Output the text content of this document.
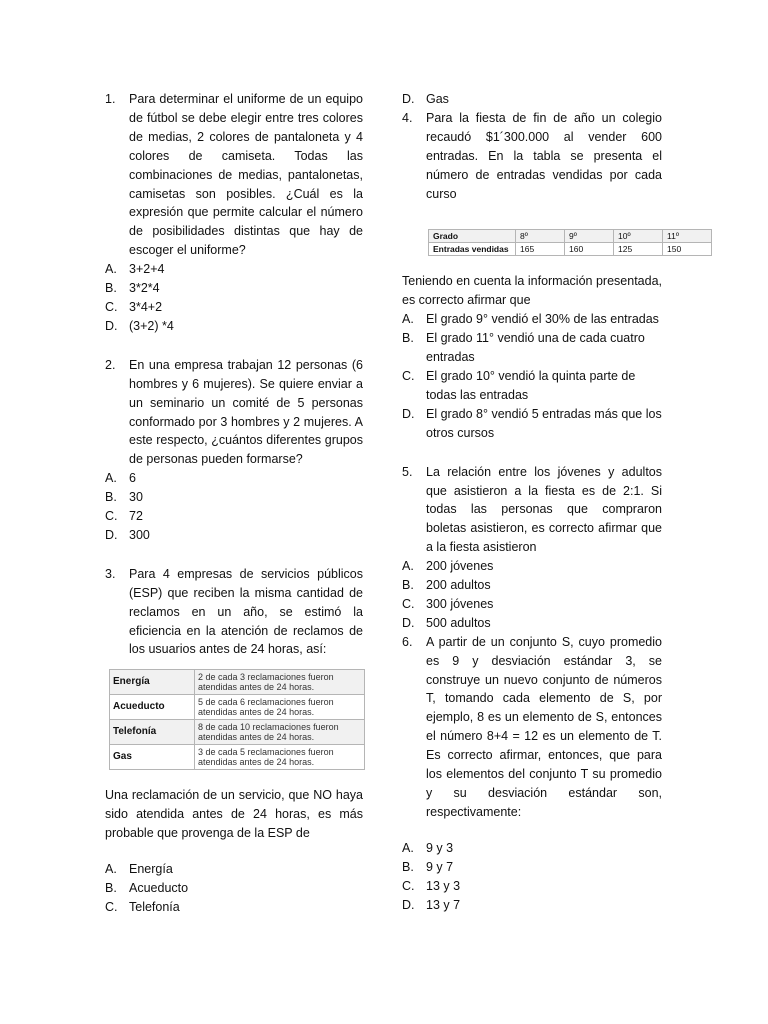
1. Para determinar el uniforme de un equipo de fútbol se debe elegir entre tres colores de medias, 2 colores de pantaloneta y 4 colores de camiseta. Todas las combinaciones de medias, pantalonetas, camisetas son posibles. ¿Cuál es la expresión que permite calcular el número de posibilidades distintas que hay de escoger el uniforme?
A. 3+2+4
B. 3*2*4
C. 3*4+2
D. (3+2) *4
2. En una empresa trabajan 12 personas (6 hombres y 6 mujeres). Se quiere enviar a un seminario un comité de 5 personas conformado por 3 hombres y 2 mujeres. A este respecto, ¿cuántos diferentes grupos de personas pueden formarse?
A. 6
B. 30
C. 72
D. 300
3. Para 4 empresas de servicios públicos (ESP) que reciben la misma cantidad de reclamos en un año, se estimó la eficiencia en la atención de reclamos de los usuarios antes de 24 horas, así:
Energía	2 de cada 3 reclamaciones fueron atendidas antes de 24 horas.
Acueducto	5 de cada 6 reclamaciones fueron atendidas antes de 24 horas.
Telefonía	8 de cada 10 reclamaciones fueron atendidas antes de 24 horas.
Gas	3 de cada 5 reclamaciones fueron atendidas antes de 24 horas.
Una reclamación de un servicio, que NO haya sido atendida antes de 24 horas, es más probable que provenga de la ESP de
A. Energía
B. Acueducto
C. Telefonía
D. Gas
4. Para la fiesta de fin de año un colegio recaudó $1´300.000 al vender 600 entradas. En la tabla se presenta el número de entradas vendidas por cada curso
Grado	8º	9º	10º	11º
Entradas vendidas	165	160	125	150
Teniendo en cuenta la información presentada, es correcto afirmar que
A. El grado 9° vendió el 30% de las entradas
B. El grado 11° vendió una de cada cuatro entradas
C. El grado 10° vendió la quinta parte de todas las entradas
D. El grado 8° vendió 5 entradas más que los otros cursos
5. La relación entre los jóvenes y adultos que asistieron a la fiesta es de 2:1. Si todas las personas que compraron boletas asistieron, es correcto afirmar que a la fiesta asistieron
A. 200 jóvenes
B. 200 adultos
C. 300 jóvenes
D. 500 adultos
6. A partir de un conjunto S, cuyo promedio es 9 y desviación estándar 3, se construye un nuevo conjunto de números T, tomando cada elemento de S, por ejemplo, 8 es un elemento de S, entonces el número 8+4 = 12 es un elemento de T. Es correcto afirmar, entonces, que para los elementos del conjunto T su promedio y su desviación estándar son, respectivamente:
A. 9 y 3
B. 9 y 7
C. 13 y 3
D. 13 y 7
